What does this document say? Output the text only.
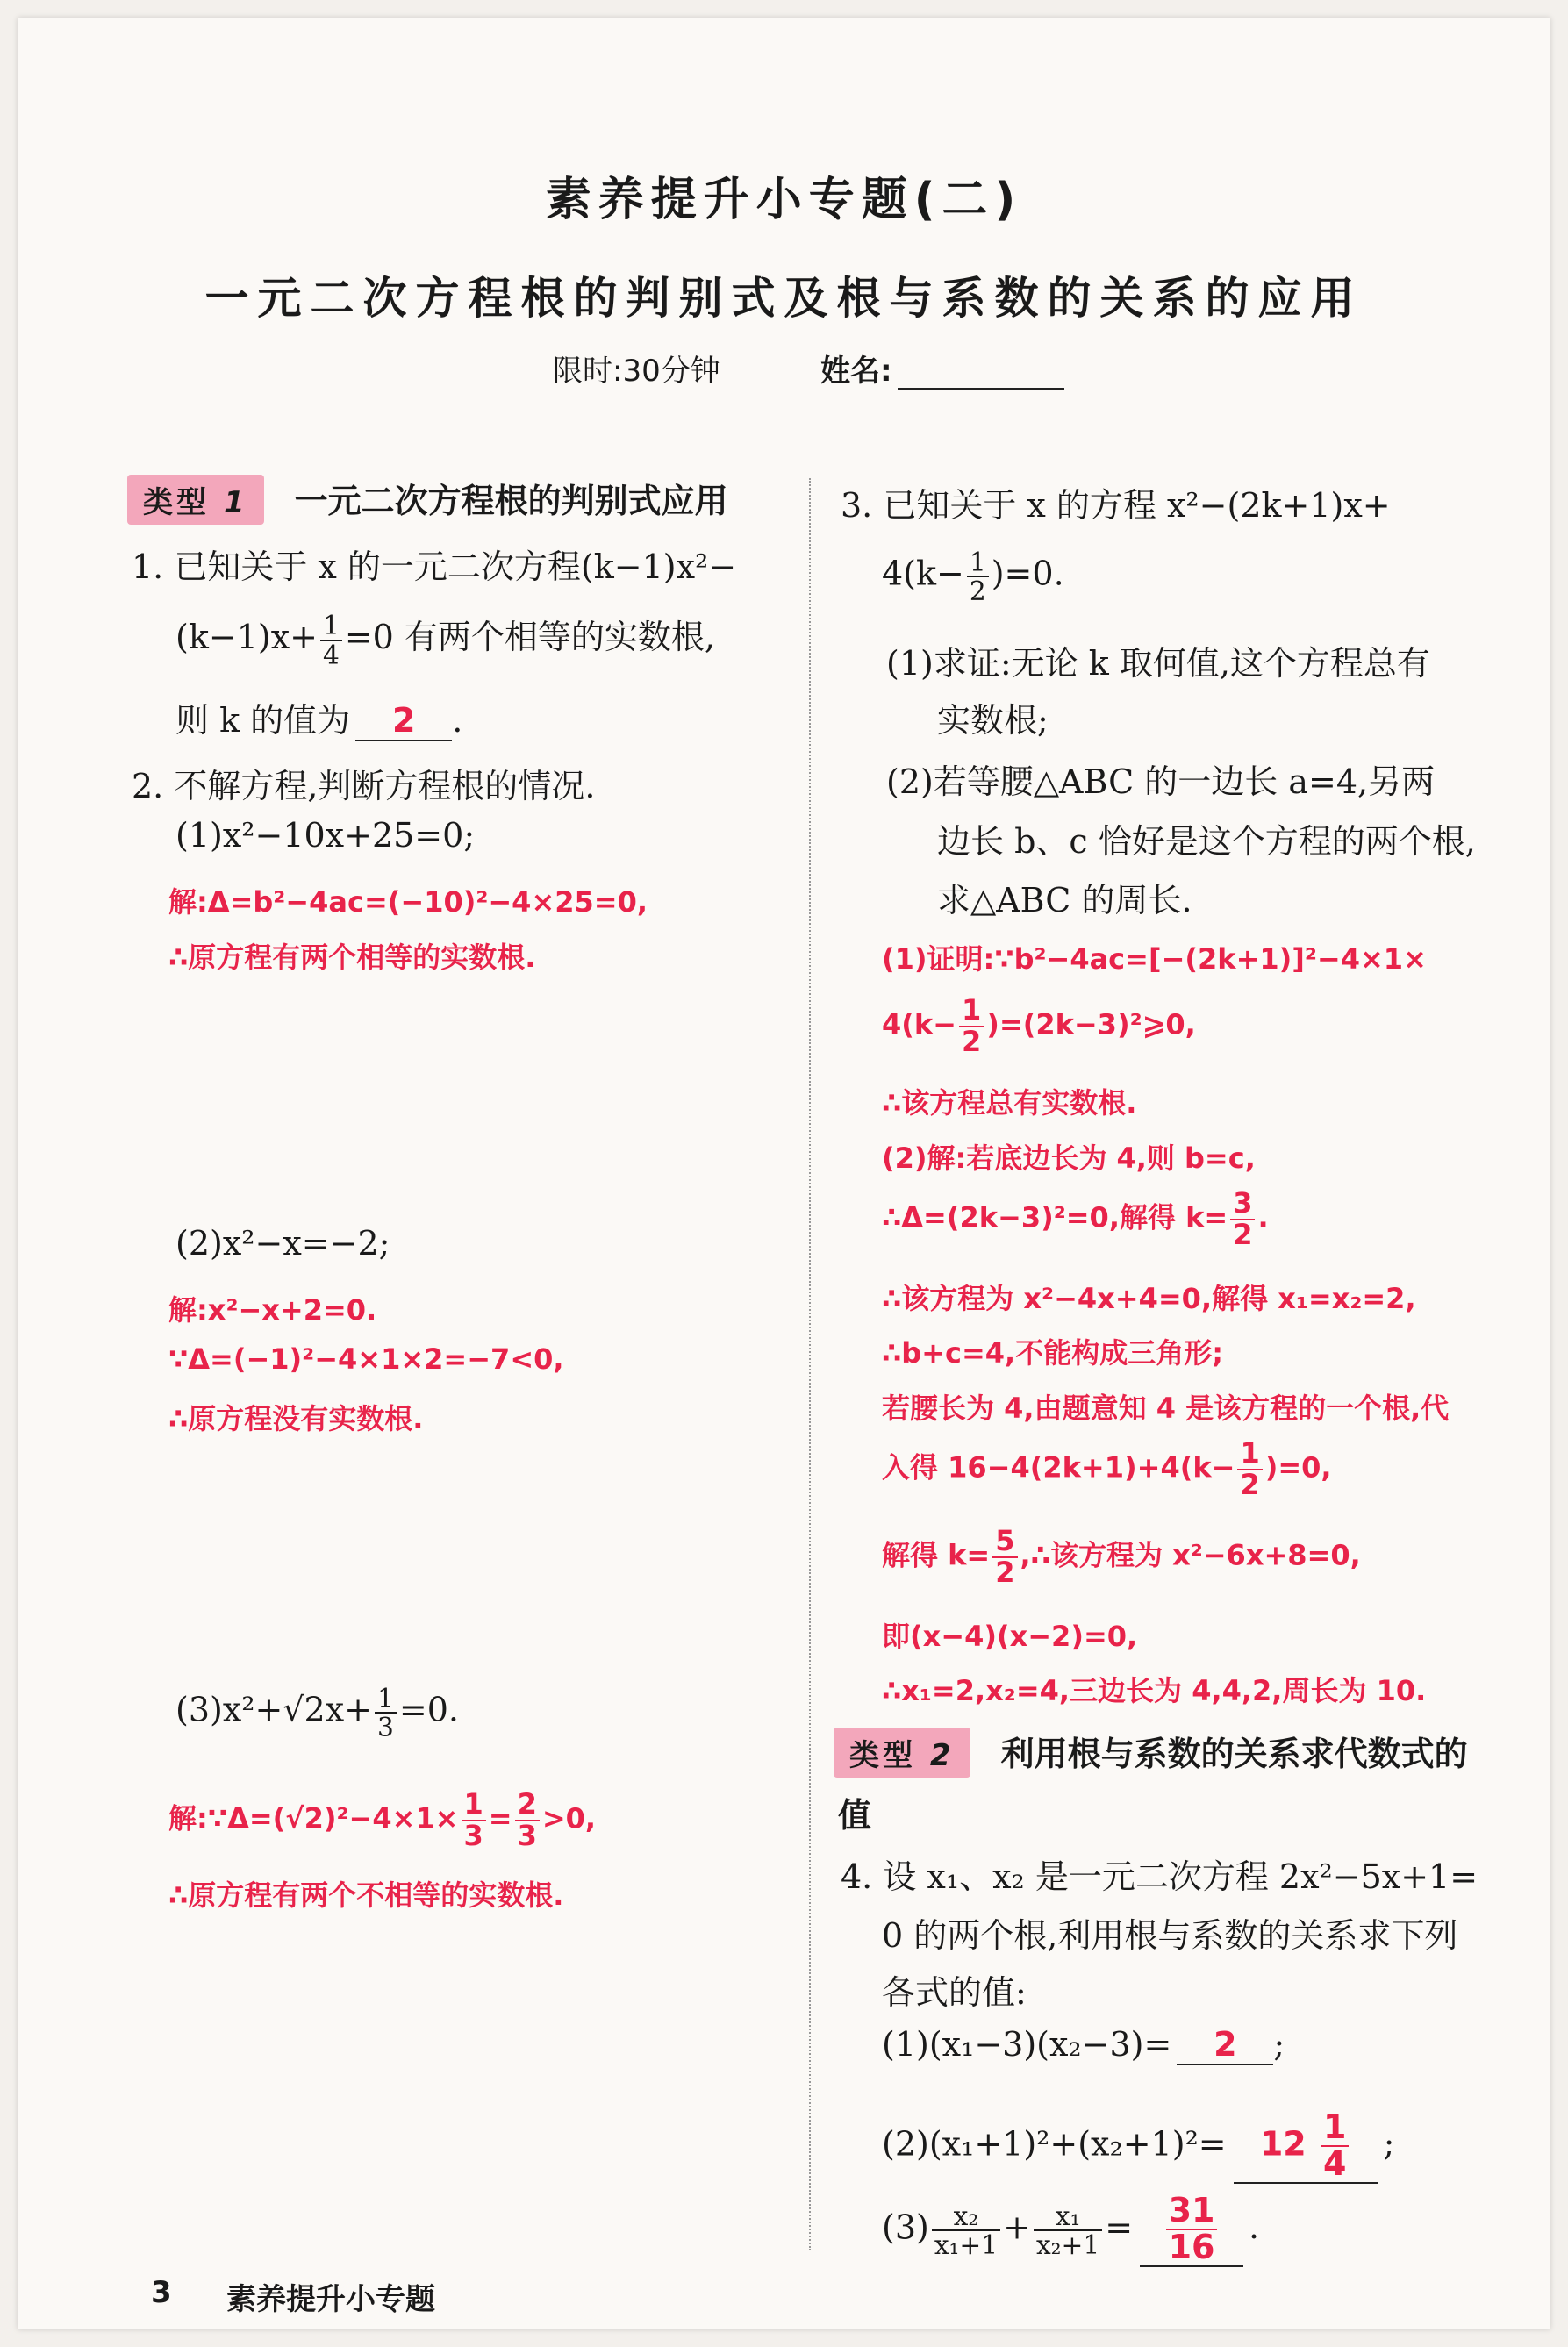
素养提升小专题(二)
一元二次方程根的判别式及根与系数的关系的应用
限时:30分钟	姓名:
类型 1 一元二次方程根的判别式应用
1. 已知关于 x 的一元二次方程(k−1)x²−
$(k-1)x+ \frac{1}{4} =0$ 有两个相等的实数根,
则 k 的值为 2 .
2. 不解方程,判断方程根的情况.
(1)x²−10x+25=0;
解:Δ=b²−4ac=(−10)²−4×25=0,
∴原方程有两个相等的实数根.
(2)x²−x=−2;
解:x²−x+2=0.
∵Δ=(−1)²−4×1×2=−7<0,
∴原方程没有实数根.
$(3)x^2+√2x+ \frac{1}{3} =0$.
解:∵Δ=(√2)²−4×1× $\frac{1}{3} = \frac{2}{3} >0$,
∴原方程有两个不相等的实数根.
3. 已知关于 x 的方程 x²−(2k+1)x+
$4(k- \frac{1}{2} )=0$.
(1)求证:无论 k 取何值,这个方程总有
实数根;
(2)若等腰△ABC 的一边长 a=4,另两
边长 b、c 恰好是这个方程的两个根,
求△ABC 的周长.
(1)证明:∵b²−4ac=[−(2k+1)]²−4×1×
$4(k- \frac{1}{2}$ )=(2k−3)²⩾0,
∴该方程总有实数根.
(2)解:若底边长为 4,则 b=c,
∴Δ=(2k−3)²=0,解得 $k= \frac{3}{2}$ .
∴该方程为 x²−4x+4=0,解得 x₁=x₂=2,
∴b+c=4,不能构成三角形;
若腰长为 4,由题意知 4 是该方程的一个根,代
入得 $16-4(2k+1)+4(k- \frac{1}{2} )=0$,
解得 $k= \frac{5}{2}$ ,∴该方程为 x²−6x+8=0,
即(x−4)(x−2)=0,
∴x₁=2,x₂=4,三边长为 4,4,2,周长为 10.
类型 2 利用根与系数的关系求代数式的
值
4. 设 x₁、x₂ 是一元二次方程 2x²−5x+1=
0 的两个根,利用根与系数的关系求下列
各式的值:
(1)(x₁−3)(x₂−3)= 2 ;
$(2)(x_1+1)^2+(x_2+1)^2= 12 \frac{1}{4}$ ;
$(3) \frac{\text{x₂}}{\text{x₁+1}} + \frac{\text{x₁}}{\text{x₂+1}} = \frac{31}{16}$ .
3 素养提升小专题
